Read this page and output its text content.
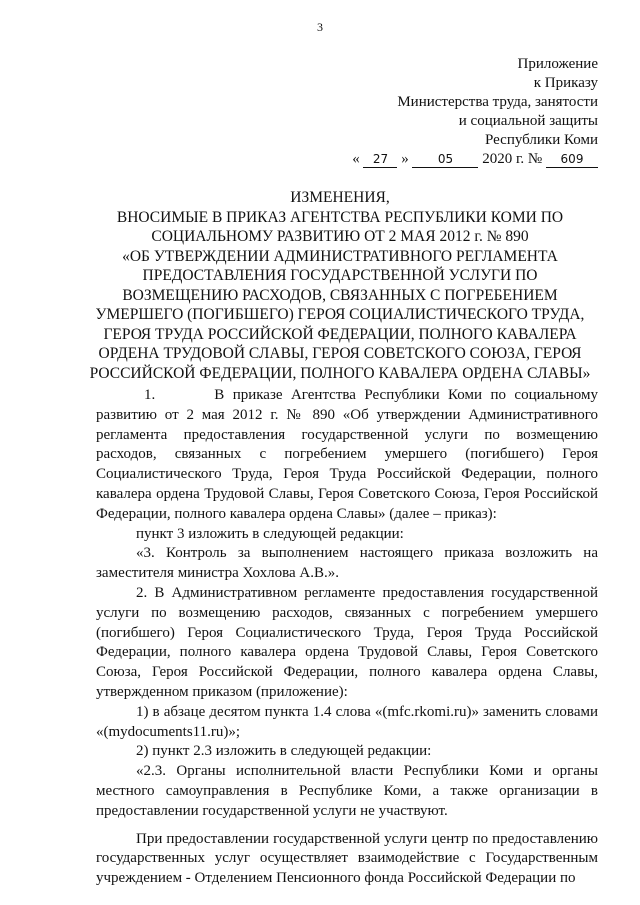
3
Приложение
к Приказу
Министерства труда, занятости
и социальной защиты
Республики Коми
« 27 » 05 2020 г. № 609
ИЗМЕНЕНИЯ,
ВНОСИМЫЕ В ПРИКАЗ АГЕНТСТВА РЕСПУБЛИКИ КОМИ ПО
СОЦИАЛЬНОМУ РАЗВИТИЮ ОТ 2 МАЯ 2012 г. № 890
«ОБ УТВЕРЖДЕНИИ АДМИНИСТРАТИВНОГО РЕГЛАМЕНТА
ПРЕДОСТАВЛЕНИЯ ГОСУДАРСТВЕННОЙ УСЛУГИ ПО
ВОЗМЕЩЕНИЮ РАСХОДОВ, СВЯЗАННЫХ С ПОГРЕБЕНИЕМ
УМЕРШЕГО (ПОГИБШЕГО) ГЕРОЯ СОЦИАЛИСТИЧЕСКОГО ТРУДА,
ГЕРОЯ ТРУДА РОССИЙСКОЙ ФЕДЕРАЦИИ, ПОЛНОГО КАВАЛЕРА
ОРДЕНА ТРУДОВОЙ СЛАВЫ, ГЕРОЯ СОВЕТСКОГО СОЮЗА, ГЕРОЯ
РОССИЙСКОЙ ФЕДЕРАЦИИ, ПОЛНОГО КАВАЛЕРА ОРДЕНА СЛАВЫ»

1.       В приказе Агентства Республики Коми по социальному развитию от 2 мая 2012 г. № 890 «Об утверждении Административного регламента предоставления государственной услуги по возмещению расходов, связанных с погребением умершего (погибшего) Героя Социалистического Труда, Героя Труда Российской Федерации, полного кавалера ордена Трудовой Славы, Героя Советского Союза, Героя Российской Федерации, полного кавалера ордена Славы» (далее – приказ):

пункт 3 изложить в следующей редакции:

«3. Контроль за выполнением настоящего приказа возложить на заместителя министра Хохлова А.В.».

2. В Административном регламенте предоставления государственной услуги по возмещению расходов, связанных с погребением умершего (погибшего) Героя Социалистического Труда, Героя Труда Российской Федерации, полного кавалера ордена Трудовой Славы, Героя Советского Союза, Героя Российской Федерации, полного кавалера ордена Славы, утвержденном приказом (приложение):

1) в абзаце десятом пункта 1.4 слова «(mfc.rkomi.ru)» заменить словами «(mydocuments11.ru)»;

2) пункт 2.3 изложить в следующей редакции:

«2.3. Органы исполнительной власти Республики Коми и органы местного самоуправления в Республике Коми, а также организации в предоставлении государственной услуги не участвуют.

При предоставлении государственной услуги центр по предоставлению государственных услуг осуществляет взаимодействие с Государственным учреждением - Отделением Пенсионного фонда Российской Федерации по
